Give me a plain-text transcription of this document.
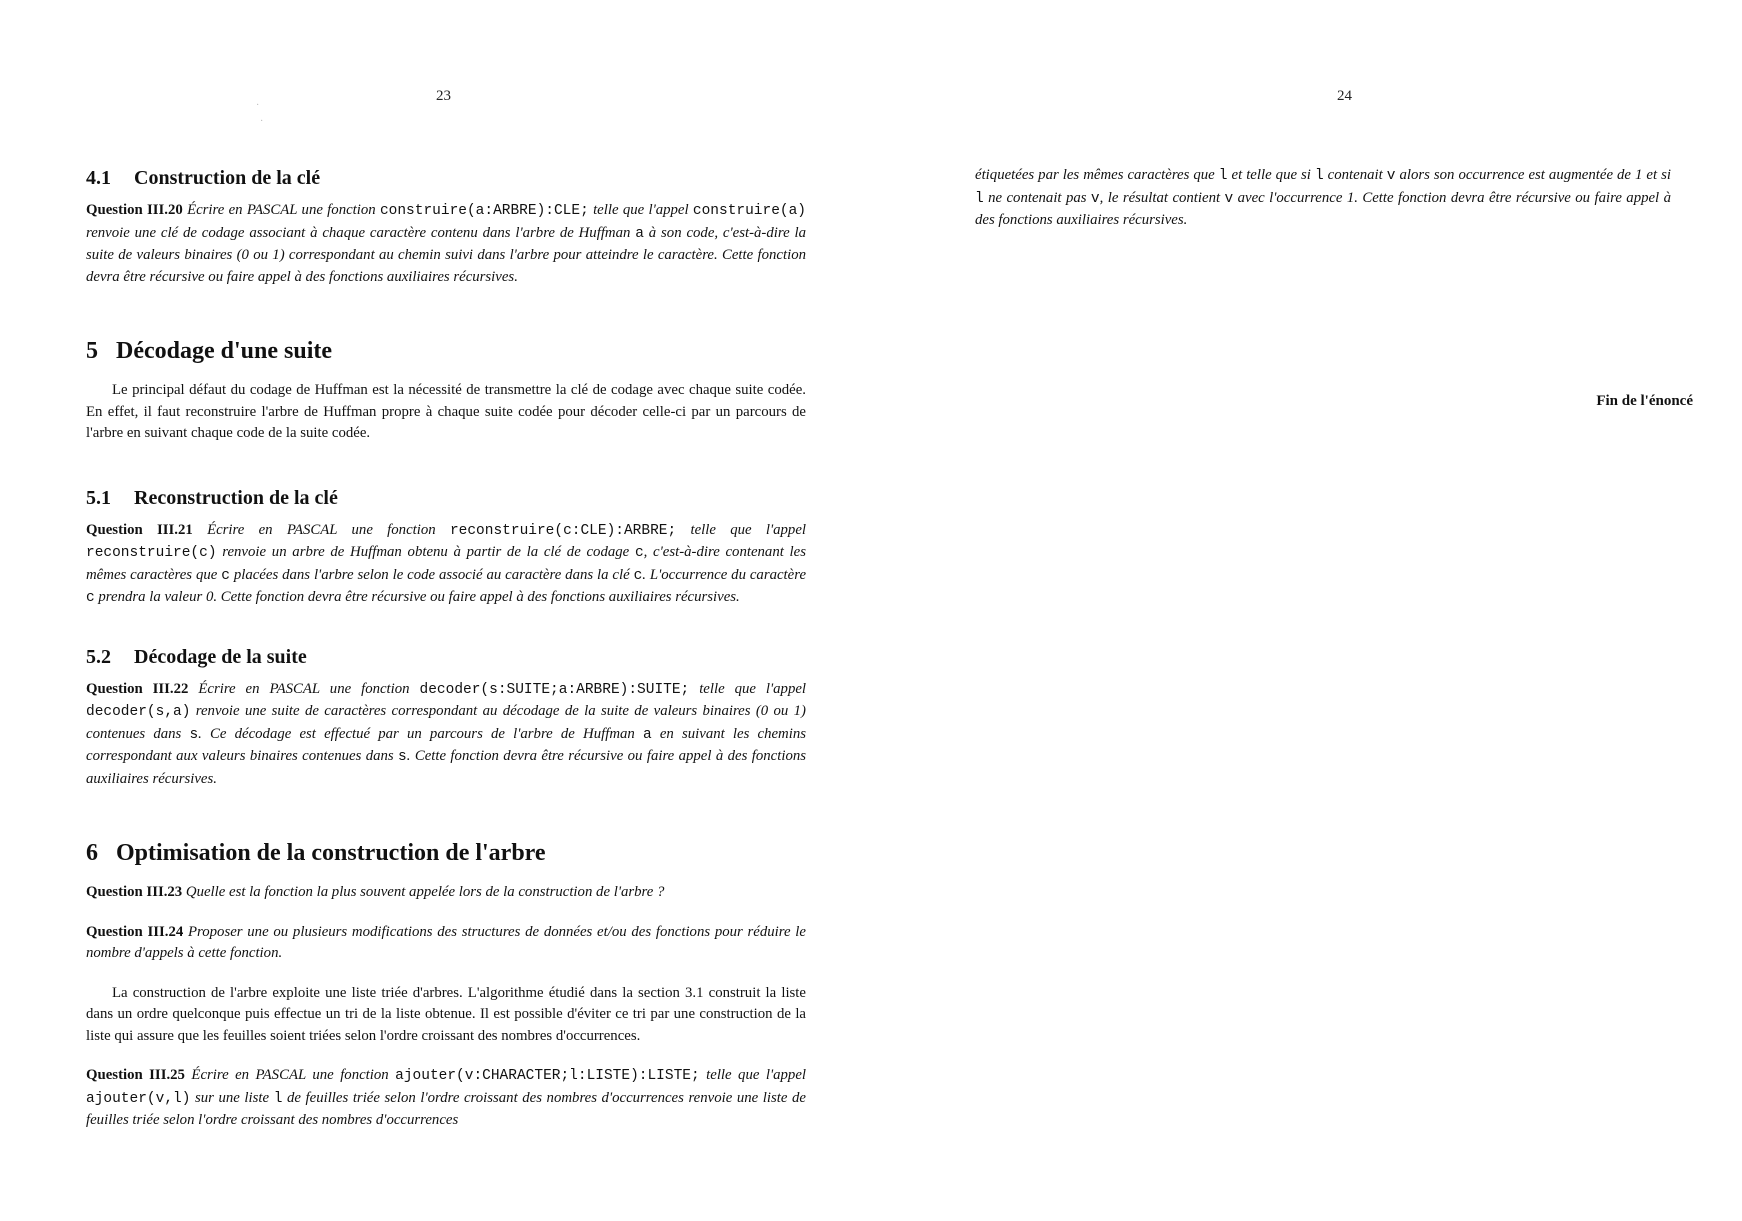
23
·
·
4.1 Construction de la clé

Question III.20 Écrire en PASCAL une fonction construire(a:ARBRE):CLE; telle que l'appel construire(a) renvoie une clé de codage associant à chaque caractère contenu dans l'arbre de Huffman a à son code, c'est-à-dire la suite de valeurs binaires (0 ou 1) correspondant au chemin suivi dans l'arbre pour atteindre le caractère. Cette fonction devra être récursive ou faire appel à des fonctions auxiliaires récursives.

5 Décodage d'une suite

Le principal défaut du codage de Huffman est la nécessité de transmettre la clé de codage avec chaque suite codée. En effet, il faut reconstruire l'arbre de Huffman propre à chaque suite codée pour décoder celle-ci par un parcours de l'arbre en suivant chaque code de la suite codée.

5.1 Reconstruction de la clé

Question III.21 Écrire en PASCAL une fonction reconstruire(c:CLE):ARBRE; telle que l'appel reconstruire(c) renvoie un arbre de Huffman obtenu à partir de la clé de codage c, c'est-à-dire contenant les mêmes caractères que c placées dans l'arbre selon le code associé au caractère dans la clé c. L'occurrence du caractère c prendra la valeur 0. Cette fonction devra être récursive ou faire appel à des fonctions auxiliaires récursives.

5.2 Décodage de la suite

Question III.22 Écrire en PASCAL une fonction decoder(s:SUITE;a:ARBRE):SUITE; telle que l'appel decoder(s,a) renvoie une suite de caractères correspondant au décodage de la suite de valeurs binaires (0 ou 1) contenues dans s. Ce décodage est effectué par un parcours de l'arbre de Huffman a en suivant les chemins correspondant aux valeurs binaires contenues dans s. Cette fonction devra être récursive ou faire appel à des fonctions auxiliaires récursives.

6 Optimisation de la construction de l'arbre

Question III.23 Quelle est la fonction la plus souvent appelée lors de la construction de l'arbre ?

Question III.24 Proposer une ou plusieurs modifications des structures de données et/ou des fonctions pour réduire le nombre d'appels à cette fonction.

La construction de l'arbre exploite une liste triée d'arbres. L'algorithme étudié dans la section 3.1 construit la liste dans un ordre quelconque puis effectue un tri de la liste obtenue. Il est possible d'éviter ce tri par une construction de la liste qui assure que les feuilles soient triées selon l'ordre croissant des nombres d'occurrences.

Question III.25 Écrire en PASCAL une fonction ajouter(v:CHARACTER;l:LISTE):LISTE; telle que l'appel ajouter(v,l) sur une liste l de feuilles triée selon l'ordre croissant des nombres d'occurrences renvoie une liste de feuilles triée selon l'ordre croissant des nombres d'occurrences

24

étiquetées par les mêmes caractères que l et telle que si l contenait v alors son occurrence est augmentée de 1 et si l ne contenait pas v, le résultat contient v avec l'occurrence 1. Cette fonction devra être récursive ou faire appel à des fonctions auxiliaires récursives.

Fin de l'énoncé
